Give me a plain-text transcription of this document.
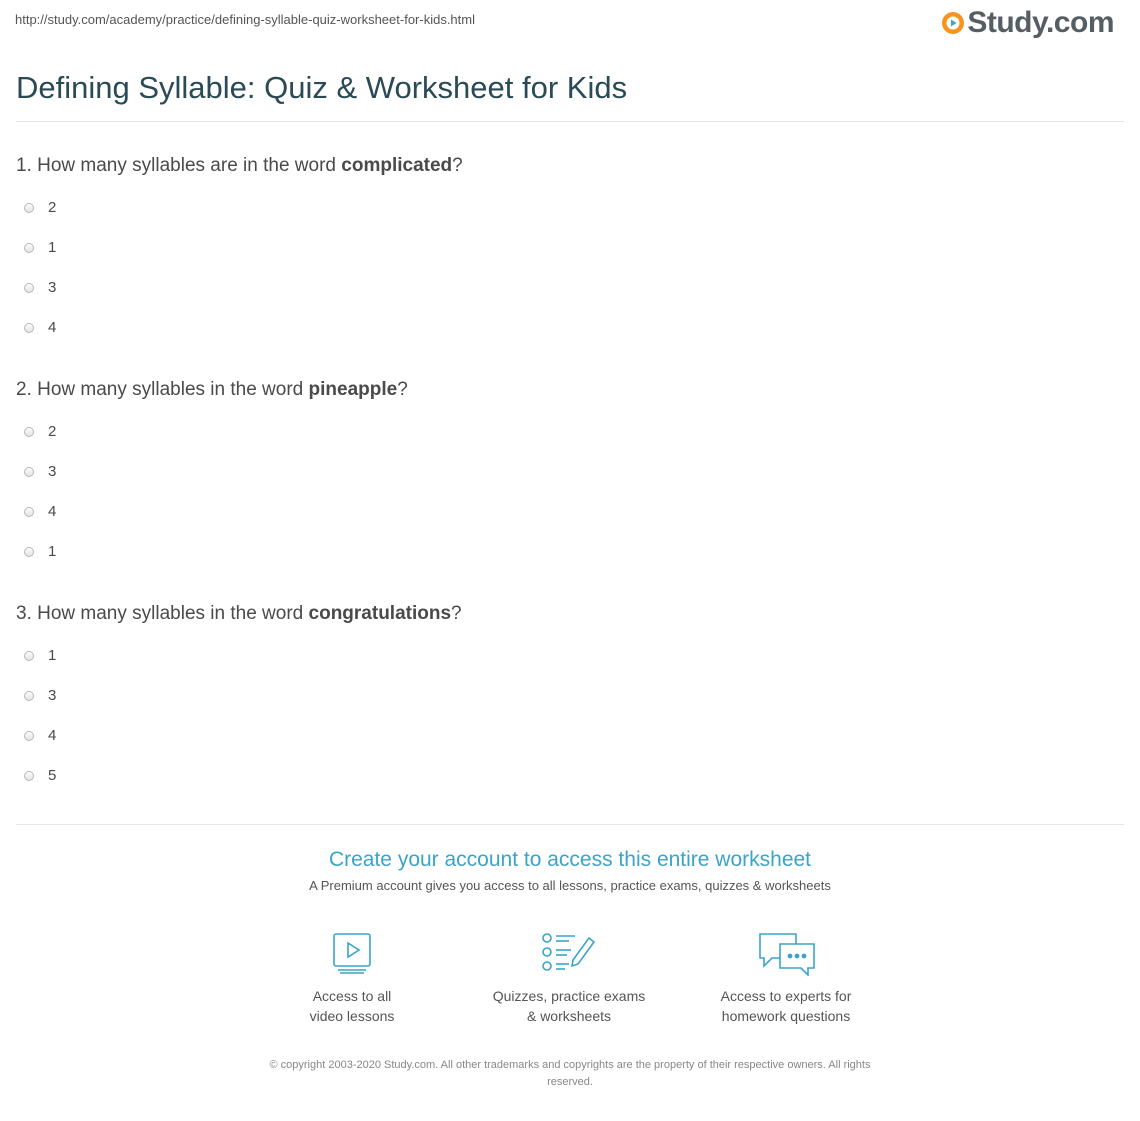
http://study.com/academy/practice/defining-syllable-quiz-worksheet-for-kids.html	Study.com
Defining Syllable: Quiz & Worksheet for Kids
1. How many syllables are in the word complicated?
2
1
3
4
2. How many syllables in the word pineapple?
2
3
4
1
3. How many syllables in the word congratulations?
1
3
4
5
Create your account to access this entire worksheet
A Premium account gives you access to all lessons, practice exams, quizzes & worksheets
Access to all
video lessons
Quizzes, practice exams
& worksheets
Access to experts for
homework questions
© copyright 2003-2020 Study.com. All other trademarks and copyrights are the property of their respective owners. All rights
reserved.
